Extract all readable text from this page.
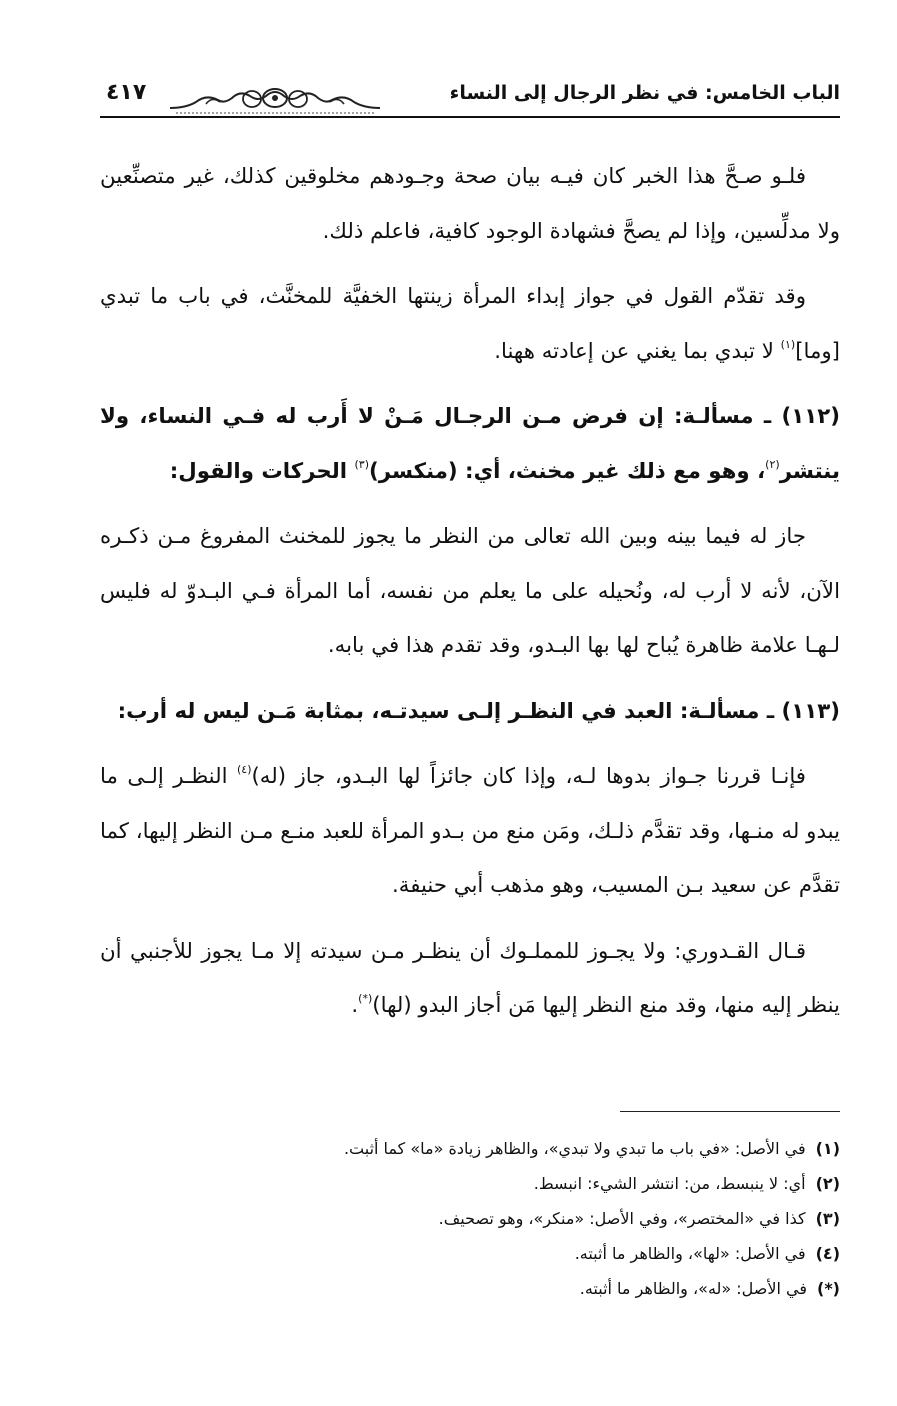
الباب الخامس: في نظر الرجال إلى النساء
٤١٧

فلـو صـحَّ هذا الخبر كان فيـه بيان صحة وجـودهم مخلوقين كذلك، غير متصنِّعين ولا مدلِّسين، وإذا لم يصحَّ فشهادة الوجود كافية، فاعلم ذلك.

وقد تقدّم القول في جواز إبداء المرأة زينتها الخفيَّة للمخنَّث، في باب ما تبدي [وما]$^{(١)}$ لا تبدي بما يغني عن إعادته ههنا.

(١١٢) ـ مسألـة: إن فرض مـن الرجـال مَـنْ لا أَرب له فـي النساء، ولا ينتشر$^{(٢)}$، وهو مع ذلك غير مخنث، أي: (منكسر)$^{(٣)}$ الحركات والقول:

جاز له فيما بينه وبين الله تعالى من النظر ما يجوز للمخنث المفروغ مـن ذكـره الآن، لأنه لا أرب له، ونُحيله على ما يعلم من نفسه، أما المرأة فـي البـدوّ له فليس لـهـا علامة ظاهرة يُباح لها بها البـدو، وقد تقدم هذا في بابه.

(١١٣) ـ مسألـة: العبد في النظـر إلـى سيدتـه، بمثابة مَـن ليس له أرب:

فإنـا قررنا جـواز بدوها لـه، وإذا كان جائزاً لها البـدو، جاز (له)$^{(٤)}$ النظـر إلـى ما يبدو له منـها، وقد تقدَّم ذلـك، ومَن منع من بـدو المرأة للعبد منـع مـن النظر إليها، كما تقدَّم عن سعيد بـن المسيب، وهو مذهب أبي حنيفة.

قـال القـدوري: ولا يجـوز للمملـوك أن ينظـر مـن سيدته إلا مـا يجوز للأجنبي أن ينظر إليه منها، وقد منع النظر إليها مَن أجاز البدو (لها)(*).

(١)
في الأصل: «في باب ما تبدي ولا تبدي»، والظاهر زيادة «ما» كما أثبت.
(٢)
أي: لا ينبسط، من: انتشر الشيء: انبسط.
(٣)
كذا في «المختصر»، وفي الأصل: «منكر»، وهو تصحيف.
(٤)
في الأصل: «لها»، والظاهر ما أثبته.
(*)
في الأصل: «له»، والظاهر ما أثبته.
